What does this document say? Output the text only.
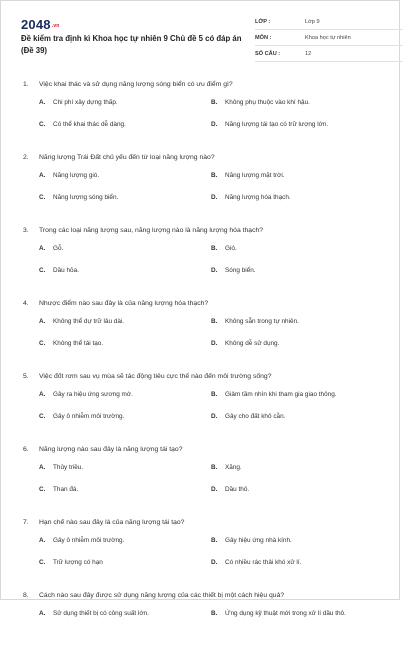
2048.vn
Đề kiểm tra định kì Khoa học tự nhiên 9 Chủ đề 5 có đáp án (Đề 39)
LỚP :	Lớp 9
MÔN :	Khoa học tự nhiên
SỐ CÂU :	12
1. Việc khai thác và sử dụng năng lượng sóng biển có ưu điểm gì?
A. Chi phí xây dựng thấp.	B. Không phụ thuộc vào khí hậu.
C. Có thể khai thác dễ dàng.	D. Năng lượng tái tạo có trữ lượng lớn.
2. Năng lượng Trái Đất chủ yếu đến từ loại năng lượng nào?
A. Năng lượng gió.	B. Năng lượng mặt trời.
C. Năng lượng sóng biển.	D. Năng lượng hóa thạch.
3. Trong các loại năng lượng sau, năng lượng nào là năng lượng hóa thạch?
A. Gỗ.	B. Gió.
C. Dầu hỏa.	D. Sóng biển.
4. Nhược điểm nào sau đây là của năng lượng hóa thạch?
A. Không thể dự trữ lâu dài.	B. Không sẵn trong tự nhiên.
C. Không thể tái tạo.	D. Không dễ sử dụng.
5. Việc đốt rơm sau vụ mùa sẽ tác động tiêu cực thế nào đến môi trường sống?
A. Gây ra hiệu ứng sương mờ.	B. Giảm tầm nhìn khi tham gia giao thông.
C. Gây ô nhiễm môi trường.	D. Gây cho đất khô cằn.
6. Năng lượng nào sau đây là năng lượng tái tạo?
A. Thủy triều.	B. Xăng.
C. Than đá.	D. Dầu thô.
7. Hạn chế nào sau đây là của năng lượng tái tạo?
A. Gây ô nhiễm môi trường.	B. Gây hiệu ứng nhà kính.
C. Trữ lượng có hạn	D. Có nhiều rác thải khó xử lí.
8. Cách nào sau đây được sử dụng năng lượng của các thiết bị một cách hiệu quả?
A. Sử dụng thiết bị có công suất lớn.	B. Ứng dụng kỹ thuật mới trong xử lí dầu thô.
